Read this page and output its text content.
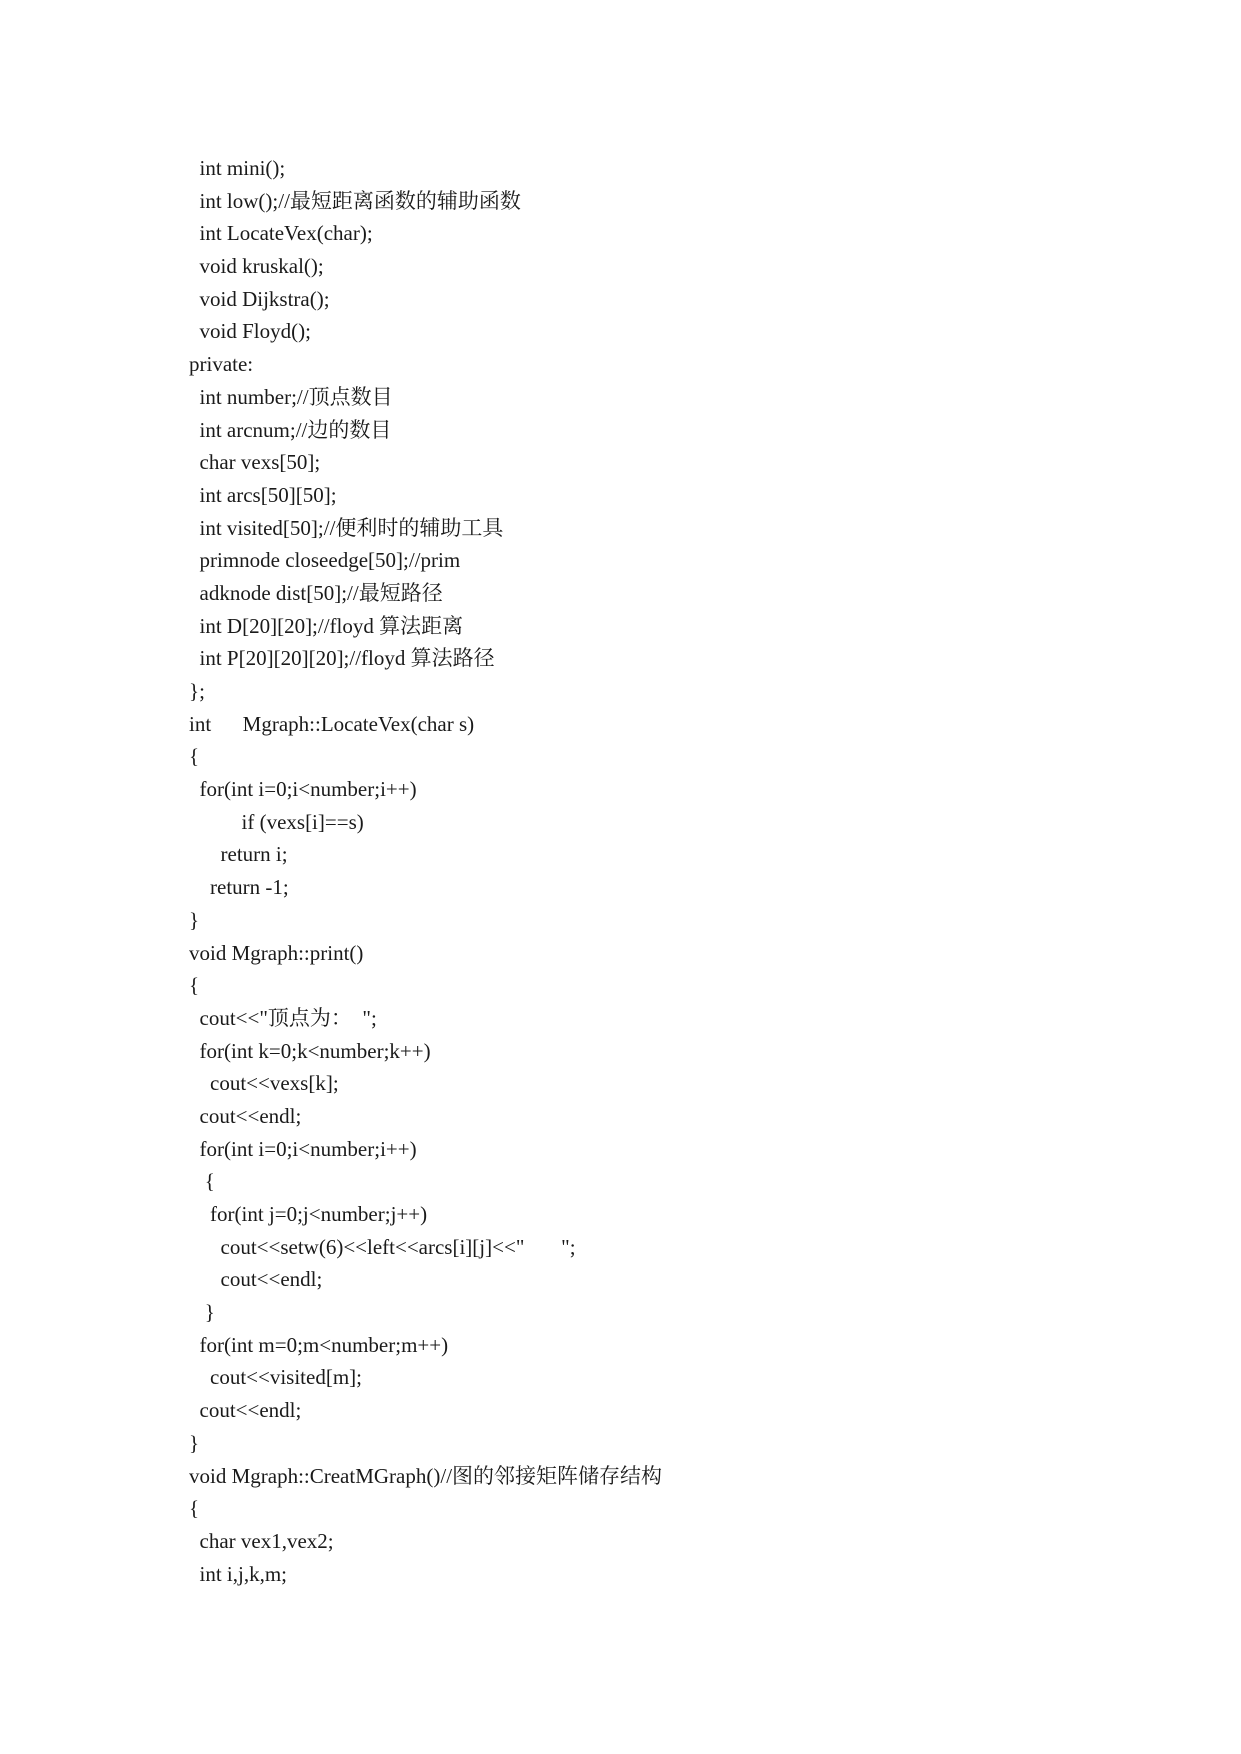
int mini();
int low();//最短距离函数的辅助函数
int LocateVex(char);
void kruskal();
void Dijkstra();
void Floyd();
private:
int number;//顶点数目
int arcnum;//边的数目
char vexs[50];
int arcs[50][50];
int visited[50];//便利时的辅助工具
primnode closeedge[50];//prim
adknode dist[50];//最短路径
int D[20][20];//floyd 算法距离
int P[20][20][20];//floyd 算法路径
};
int      Mgraph::LocateVex(char s)
{
for(int i=0;i<number;i++)
if (vexs[i]==s)
return i;
return -1;
}
void Mgraph::print()
{
cout<<"顶点为：  ";
for(int k=0;k<number;k++)
cout<<vexs[k];
cout<<endl;
for(int i=0;i<number;i++)
{
for(int j=0;j<number;j++)
cout<<setw(6)<<left<<arcs[i][j]<<"       ";
cout<<endl;
}
for(int m=0;m<number;m++)
cout<<visited[m];
cout<<endl;
}
void Mgraph::CreatMGraph()//图的邻接矩阵储存结构
{
char vex1,vex2;
int i,j,k,m;
